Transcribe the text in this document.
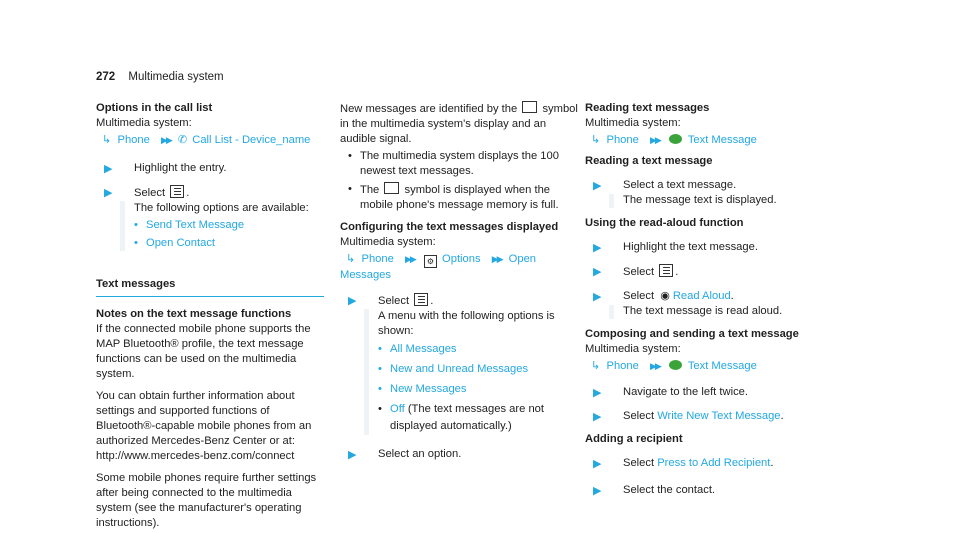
272 Multimedia system

Options in the call list

Multimedia system:

↳ Phone ▶▶ ✆ Call List - Device_name
▶ Highlight the entry.
▶ Select .

The following options are available:

• Send Text Message
• Open Contact
Text messages

Notes on the text message functions

If the connected mobile phone supports the MAP Bluetooth® profile, the text message functions can be used on the multimedia system.

You can obtain further information about settings and supported functions of Bluetooth®-capable mobile phones from an authorized Mercedes-Benz Center or at: http://www.mercedes-benz.com/connect

Some mobile phones require further settings after being connected to the multimedia system (see the manufacturer's operating instructions).

New messages are identified by the symbol in the multimedia system's display and an audible signal.

• The multimedia system displays the 100 newest text messages.
• The symbol is displayed when the mobile phone's message memory is full.

Configuring the text messages displayed

Multimedia system:

↳ Phone ▶▶ ⚙ Options ▶▶ Open Messages
▶ Select .

A menu with the following options is shown:

• All Messages
• New and Unread Messages
• New Messages
• Off (The text messages are not displayed automatically.)
▶ Select an option.

Reading text messages

Multimedia system:

↳ Phone ▶▶	Text Message

Reading a text message

▶ Select a text message.

The message text is displayed.

Using the read-aloud function

▶ Highlight the text message.
▶ Select .
▶ Select ◉ Read Aloud.

The text message is read aloud.

Composing and sending a text message

Multimedia system:

↳ Phone ▶▶	Text Message
▶ Navigate to the left twice.
▶ Select Write New Text Message.

Adding a recipient

▶ Select Press to Add Recipient.
▶ Select the contact.
